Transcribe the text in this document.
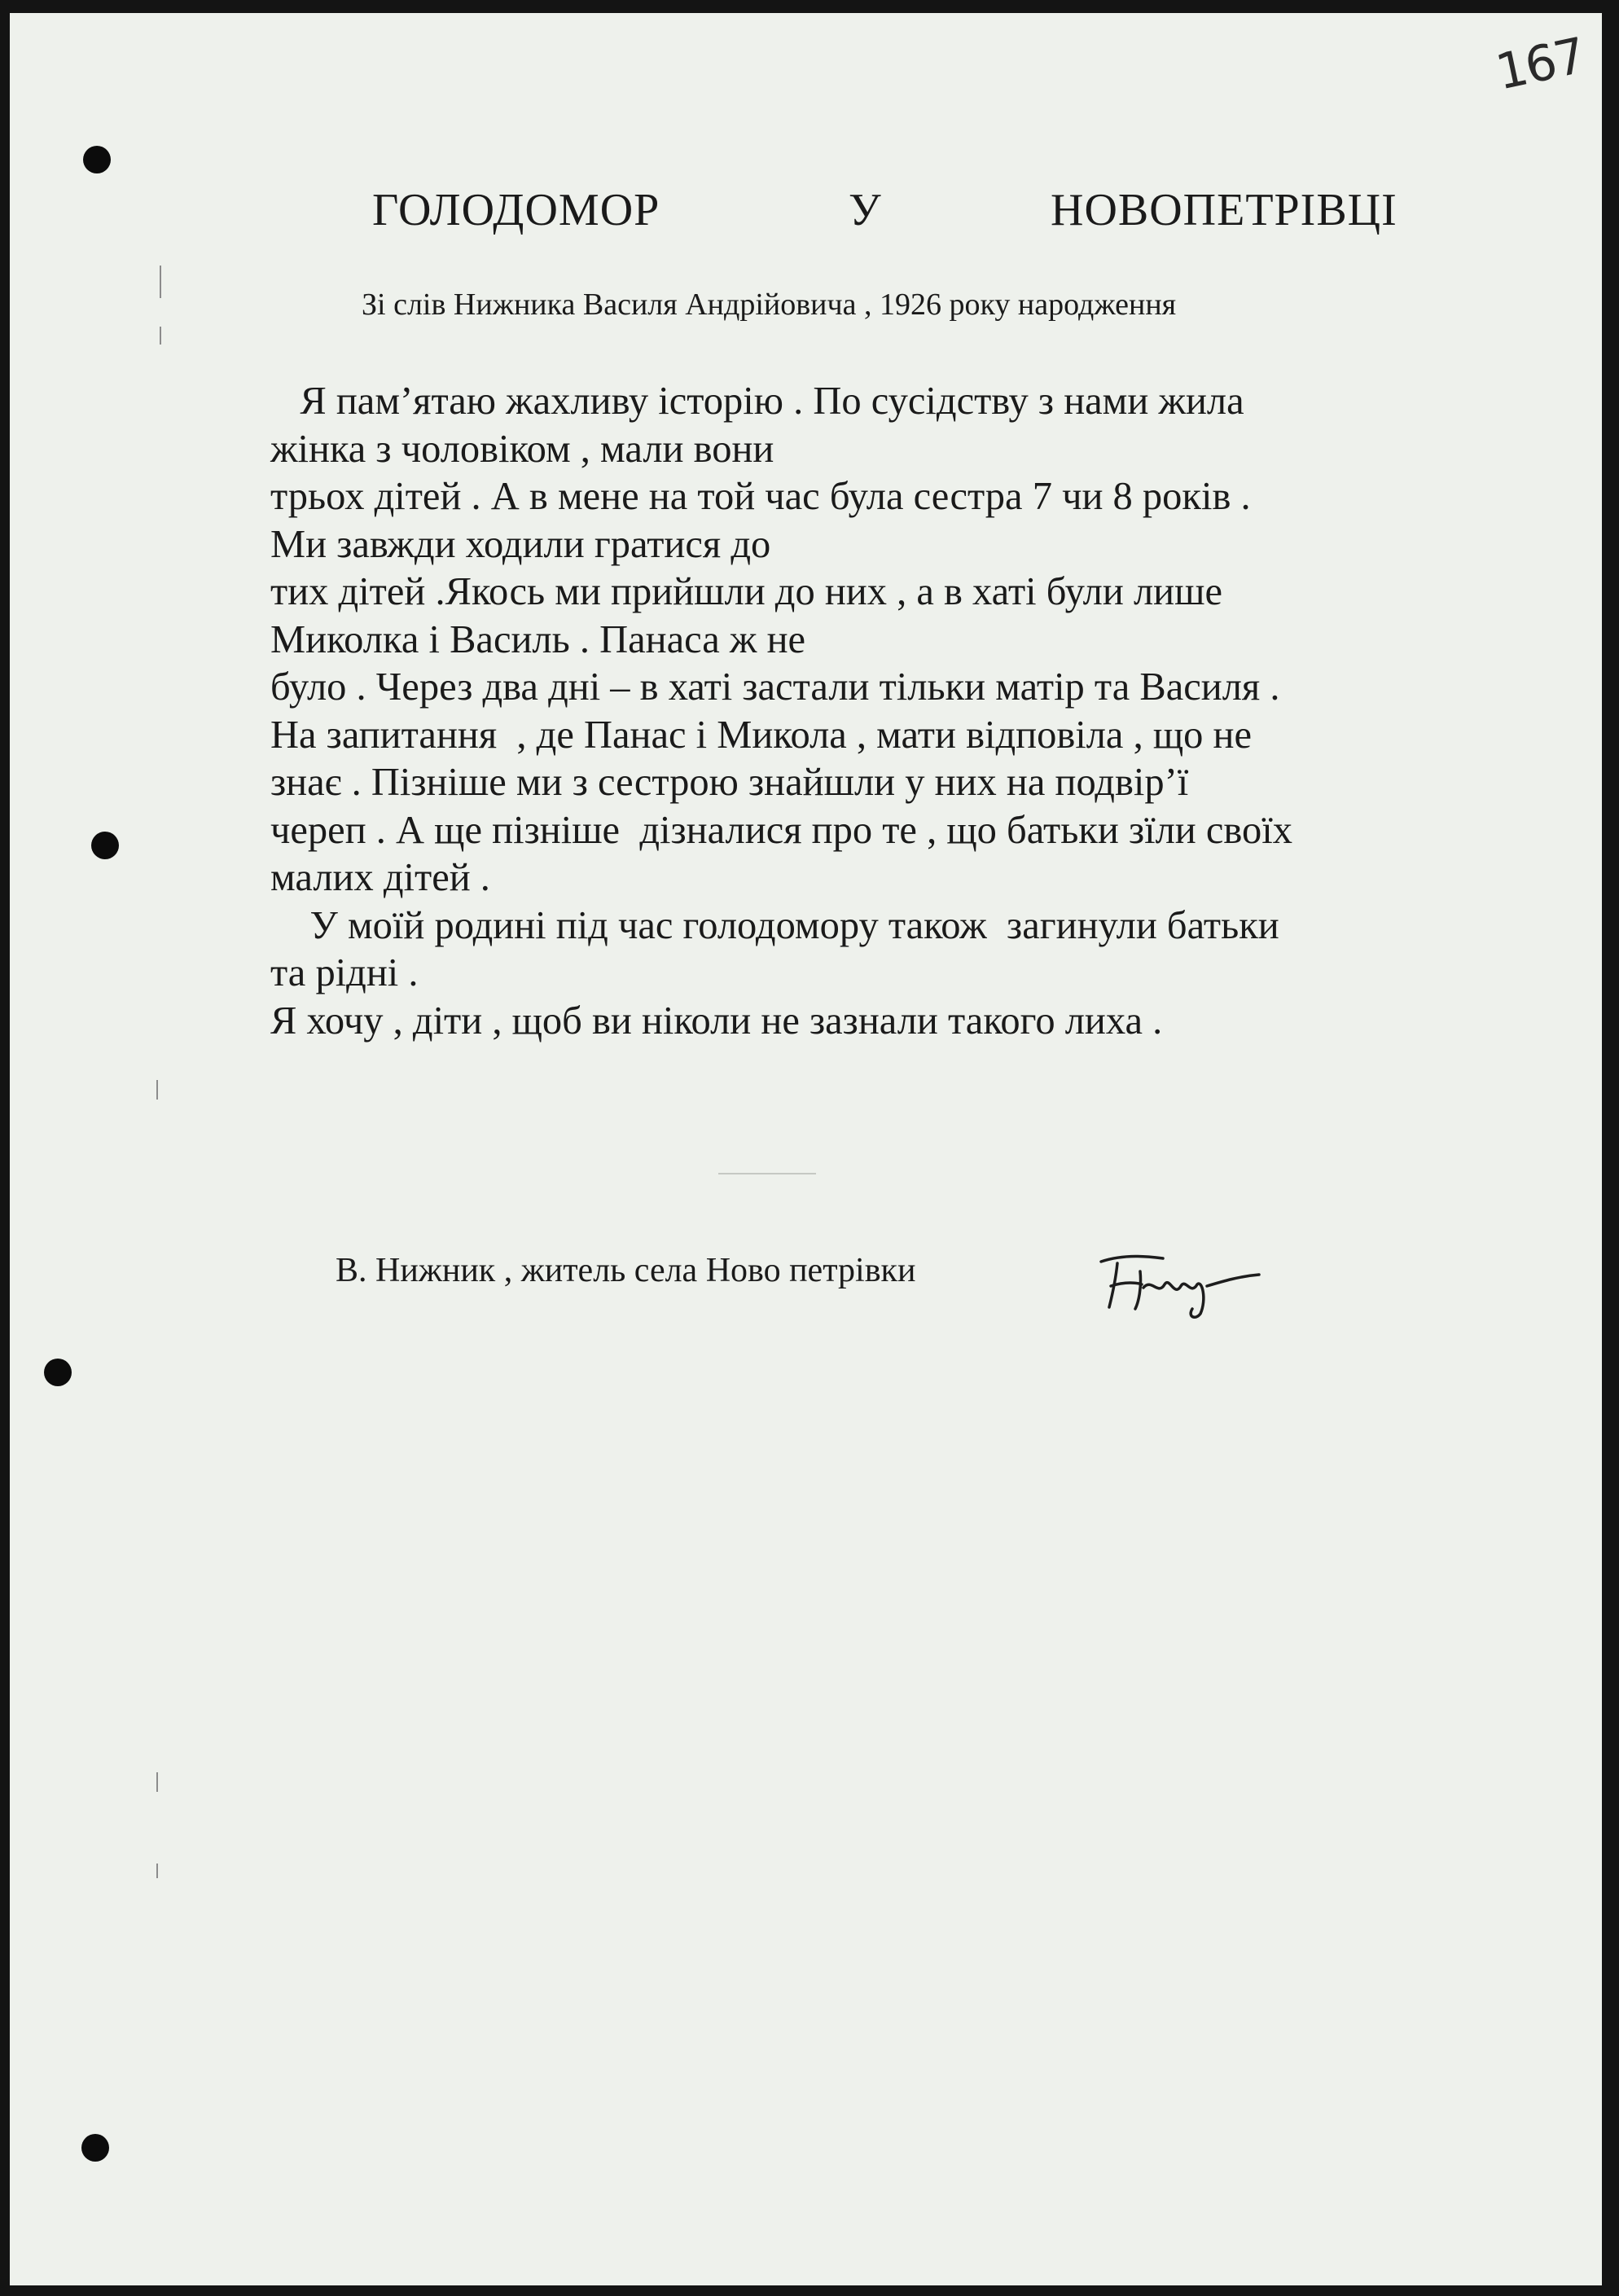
167
ГОЛОДОМОР	У	НОВОПЕТРІВЦІ
Зі слів Нижника Василя Андрійовича , 1926 року народження
Я пам’ятаю жахливу історію . По сусідству з нами жила
жінка з чоловіком , мали вони
трьох дітей . А в мене на той час була сестра 7 чи 8 років .
Ми завжди ходили гратися до
тих дітей .Якось ми прийшли до них , а в хаті були лише
Миколка і Василь . Панаса ж не
було . Через два дні – в хаті застали тільки матір та Василя .
На запитання  , де Панас і Микола , мати відповіла , що не
знає . Пізніше ми з сестрою знайшли у них на подвір’ї
череп . А ще пізніше  дізналися про те , що батьки зїли своїх
малих дітей .
У моїй родині під час голодомору також  загинули батьки
та рідні .
Я хочу , діти , щоб ви ніколи не зазнали такого лиха .
В. Нижник , житель села Ново петрівки
